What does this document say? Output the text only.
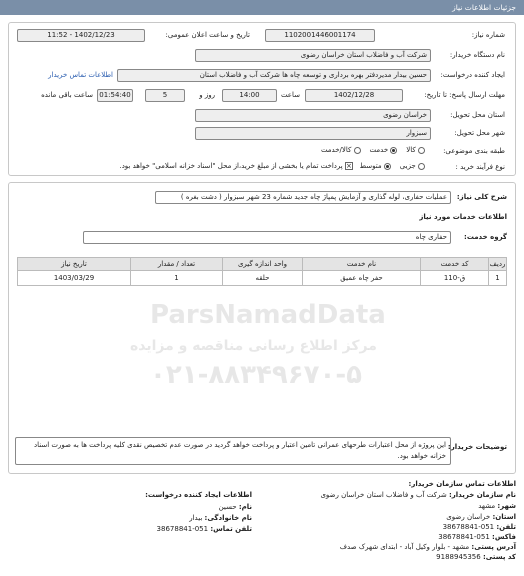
جزئیات اطلاعات نیاز
شماره نیاز:
1102001446001174
تاریخ و ساعت اعلان عمومی:
1402/12/23 - 11:52
نام دستگاه خریدار:
شرکت آب و فاضلاب استان خراسان رضوی
ایجاد کننده درخواست:
حسین بیدار مدیردفتر بهره برداری و توسعه چاه ها شرکت آب و فاضلاب استان
اطلاعات تماس خریدار
مهلت ارسال پاسخ: تا تاریخ:
1402/12/28
ساعت
14:00
5	روز و
01:54:40
ساعت باقی مانده
استان محل تحویل:
خراسان رضوی
شهر محل تحویل:
سبزوار
طبقه بندی موضوعی:
کالا     خدمت     کالا/خدمت
نوع فرآیند خرید :
جزیی     متوسط   × پرداخت تمام یا بخشی از مبلغ خرید،از محل "اسناد خزانه اسلامی" خواهد بود.
شرح کلی نیاز:
عملیات حفاری، لوله گذاری و آزمایش پمپاژ چاه جدید شماره 23 شهر سبزوار ( دشت بغره )
اطلاعات خدمات مورد نیاز
گروه خدمت:
حفاری چاه
ردیف	کد خدمت	نام خدمت	واحد اندازه گیری	تعداد / مقدار	تاریخ نیاز
1	ق-110	حفر چاه عمیق	حلقه	1	1403/03/29
توضیحات خریدار:
این پروژه از محل اعتبارات طرحهای عمرانی تامین اعتبار و پرداخت خواهد گردید در صورت عدم تخصیص نقدی کلیه پرداخت ها به صورت اسناد خزانه خواهد بود.
ParsNamadData
مرکز اطلاع رسانی مناقصه و مزایده
۰۲۱-۸۸۳۴۹۶۷۰-۵
اطلاعات تماس سازمان خریدار:
نام سازمان خریدار: شرکت آب و فاضلاب استان خراسان رضوی
شهر: مشهد
استان: خراسان رضوی
تلفن: 051-38678841
فاکس: 051-38678841
آدرس پستی: مشهد - بلوار وکیل آباد - ابتدای شهرک صدف
کد پستی: 9188945356
اطلاعات ایجاد کننده درخواست:
نام: حسین
نام خانوادگی: بیدار
تلفن تماس: 051-38678841
